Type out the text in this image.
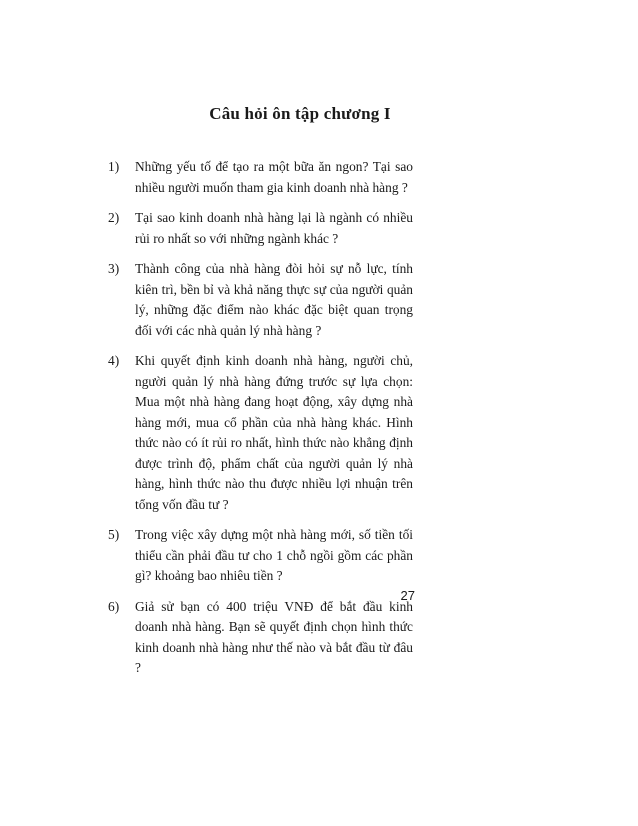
Câu hỏi ôn tập chương I
1)	Những yếu tố để tạo ra một bữa ăn ngon? Tại sao nhiều người muốn tham gia kinh doanh nhà hàng ?
2)	Tại sao kinh doanh nhà hàng lại là ngành có nhiều rủi ro nhất so với những ngành khác ?
3)	Thành công của nhà hàng đòi hỏi sự nỗ lực, tính kiên trì, bền bỉ và khả năng thực sự của người quản lý, những đặc điểm nào khác đặc biệt quan trọng đối với các nhà quản lý nhà hàng ?
4)	Khi quyết định kinh doanh nhà hàng, người chủ, người quản lý nhà hàng đứng trước sự lựa chọn: Mua một nhà hàng đang hoạt động, xây dựng nhà hàng mới, mua cổ phần của nhà hàng khác. Hình thức nào có ít rủi ro nhất, hình thức nào khẳng định được trình độ, phẩm chất của người quản lý nhà hàng, hình thức nào thu được nhiều lợi nhuận trên tổng vốn đầu tư ?
5)	Trong việc xây dựng một nhà hàng mới, số tiền tối thiểu cần phải đầu tư cho 1 chỗ ngồi gồm các phần gì? khoảng bao nhiêu tiền ?
6)	Giả sử bạn có 400 triệu VNĐ để bắt đầu kinh doanh nhà hàng. Bạn sẽ quyết định chọn hình thức kinh doanh nhà hàng như thế nào và bắt đầu từ đâu ?
27
